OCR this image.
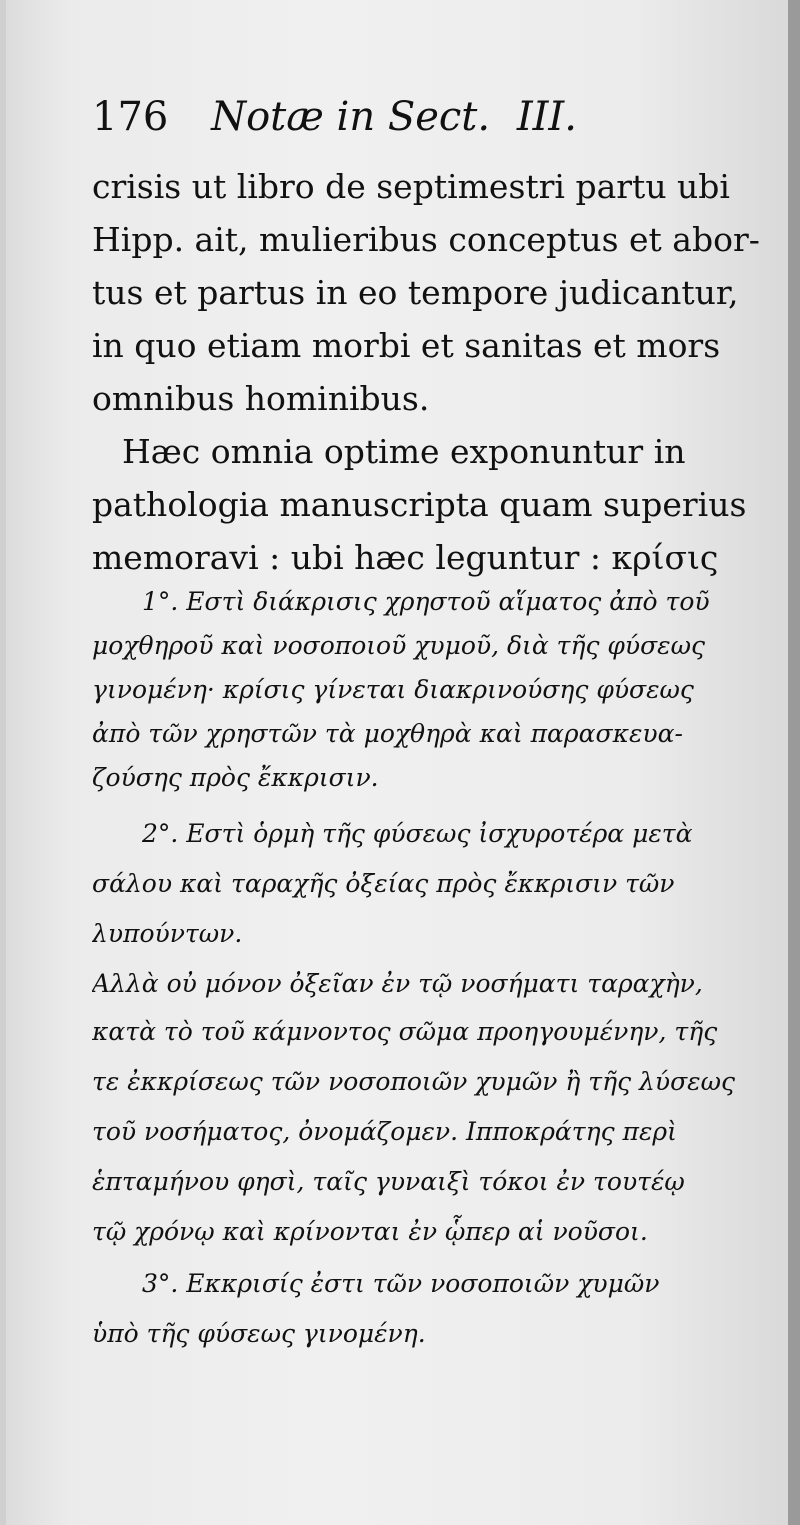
176 Notæ in Sect. III.
crisis ut libro de septimestri partu ubi
Hipp. ait, mulieribus conceptus et abor-
tus et partus in eo tempore judicantur,
in quo etiam morbi et sanitas et mors
omnibus hominibus.
Hæc omnia optime exponuntur in
pathologia manuscripta quam superius
memoravi : ubi hæc leguntur : κρίσις
1°. Εστὶ διάκρισις χρηστοῦ αἵματος ἀπὸ τοῦ
μοχθηροῦ καὶ νοσοποιοῦ χυμοῦ, διὰ τῆς φύσεως
γινομένη· κρίσις γίνεται διακρινούσης φύσεως
ἀπὸ τῶν χρηστῶν τὰ μοχθηρὰ καὶ παρασκευα-
ζούσης πρὸς ἔκκρισιν.
2°. Εστὶ ὁρμὴ τῆς φύσεως ἰσχυροτέρα μετὰ
σάλου καὶ ταραχῆς ὀξείας πρὸς ἔκκρισιν τῶν
λυπούντων.
Αλλὰ οὐ μόνον ὀξεῖαν ἐν τῷ νοσήματι ταραχὴν,
κατὰ τὸ τοῦ κάμνοντος σῶμα προηγουμένην, τῆς
τε ἐκκρίσεως τῶν νοσοποιῶν χυμῶν ἢ τῆς λύσεως
τοῦ νοσήματος, ὀνομάζομεν. Ιπποκράτης περὶ
ἑπταμήνου φησὶ, ταῖς γυναιξὶ τόκοι ἐν τουτέῳ
τῷ χρόνῳ καὶ κρίνονται ἐν ᾧπερ αἱ νοῦσοι.
3°. Εκκρισίς ἐστι τῶν νοσοποιῶν χυμῶν
ὑπὸ τῆς φύσεως γινομένη.
